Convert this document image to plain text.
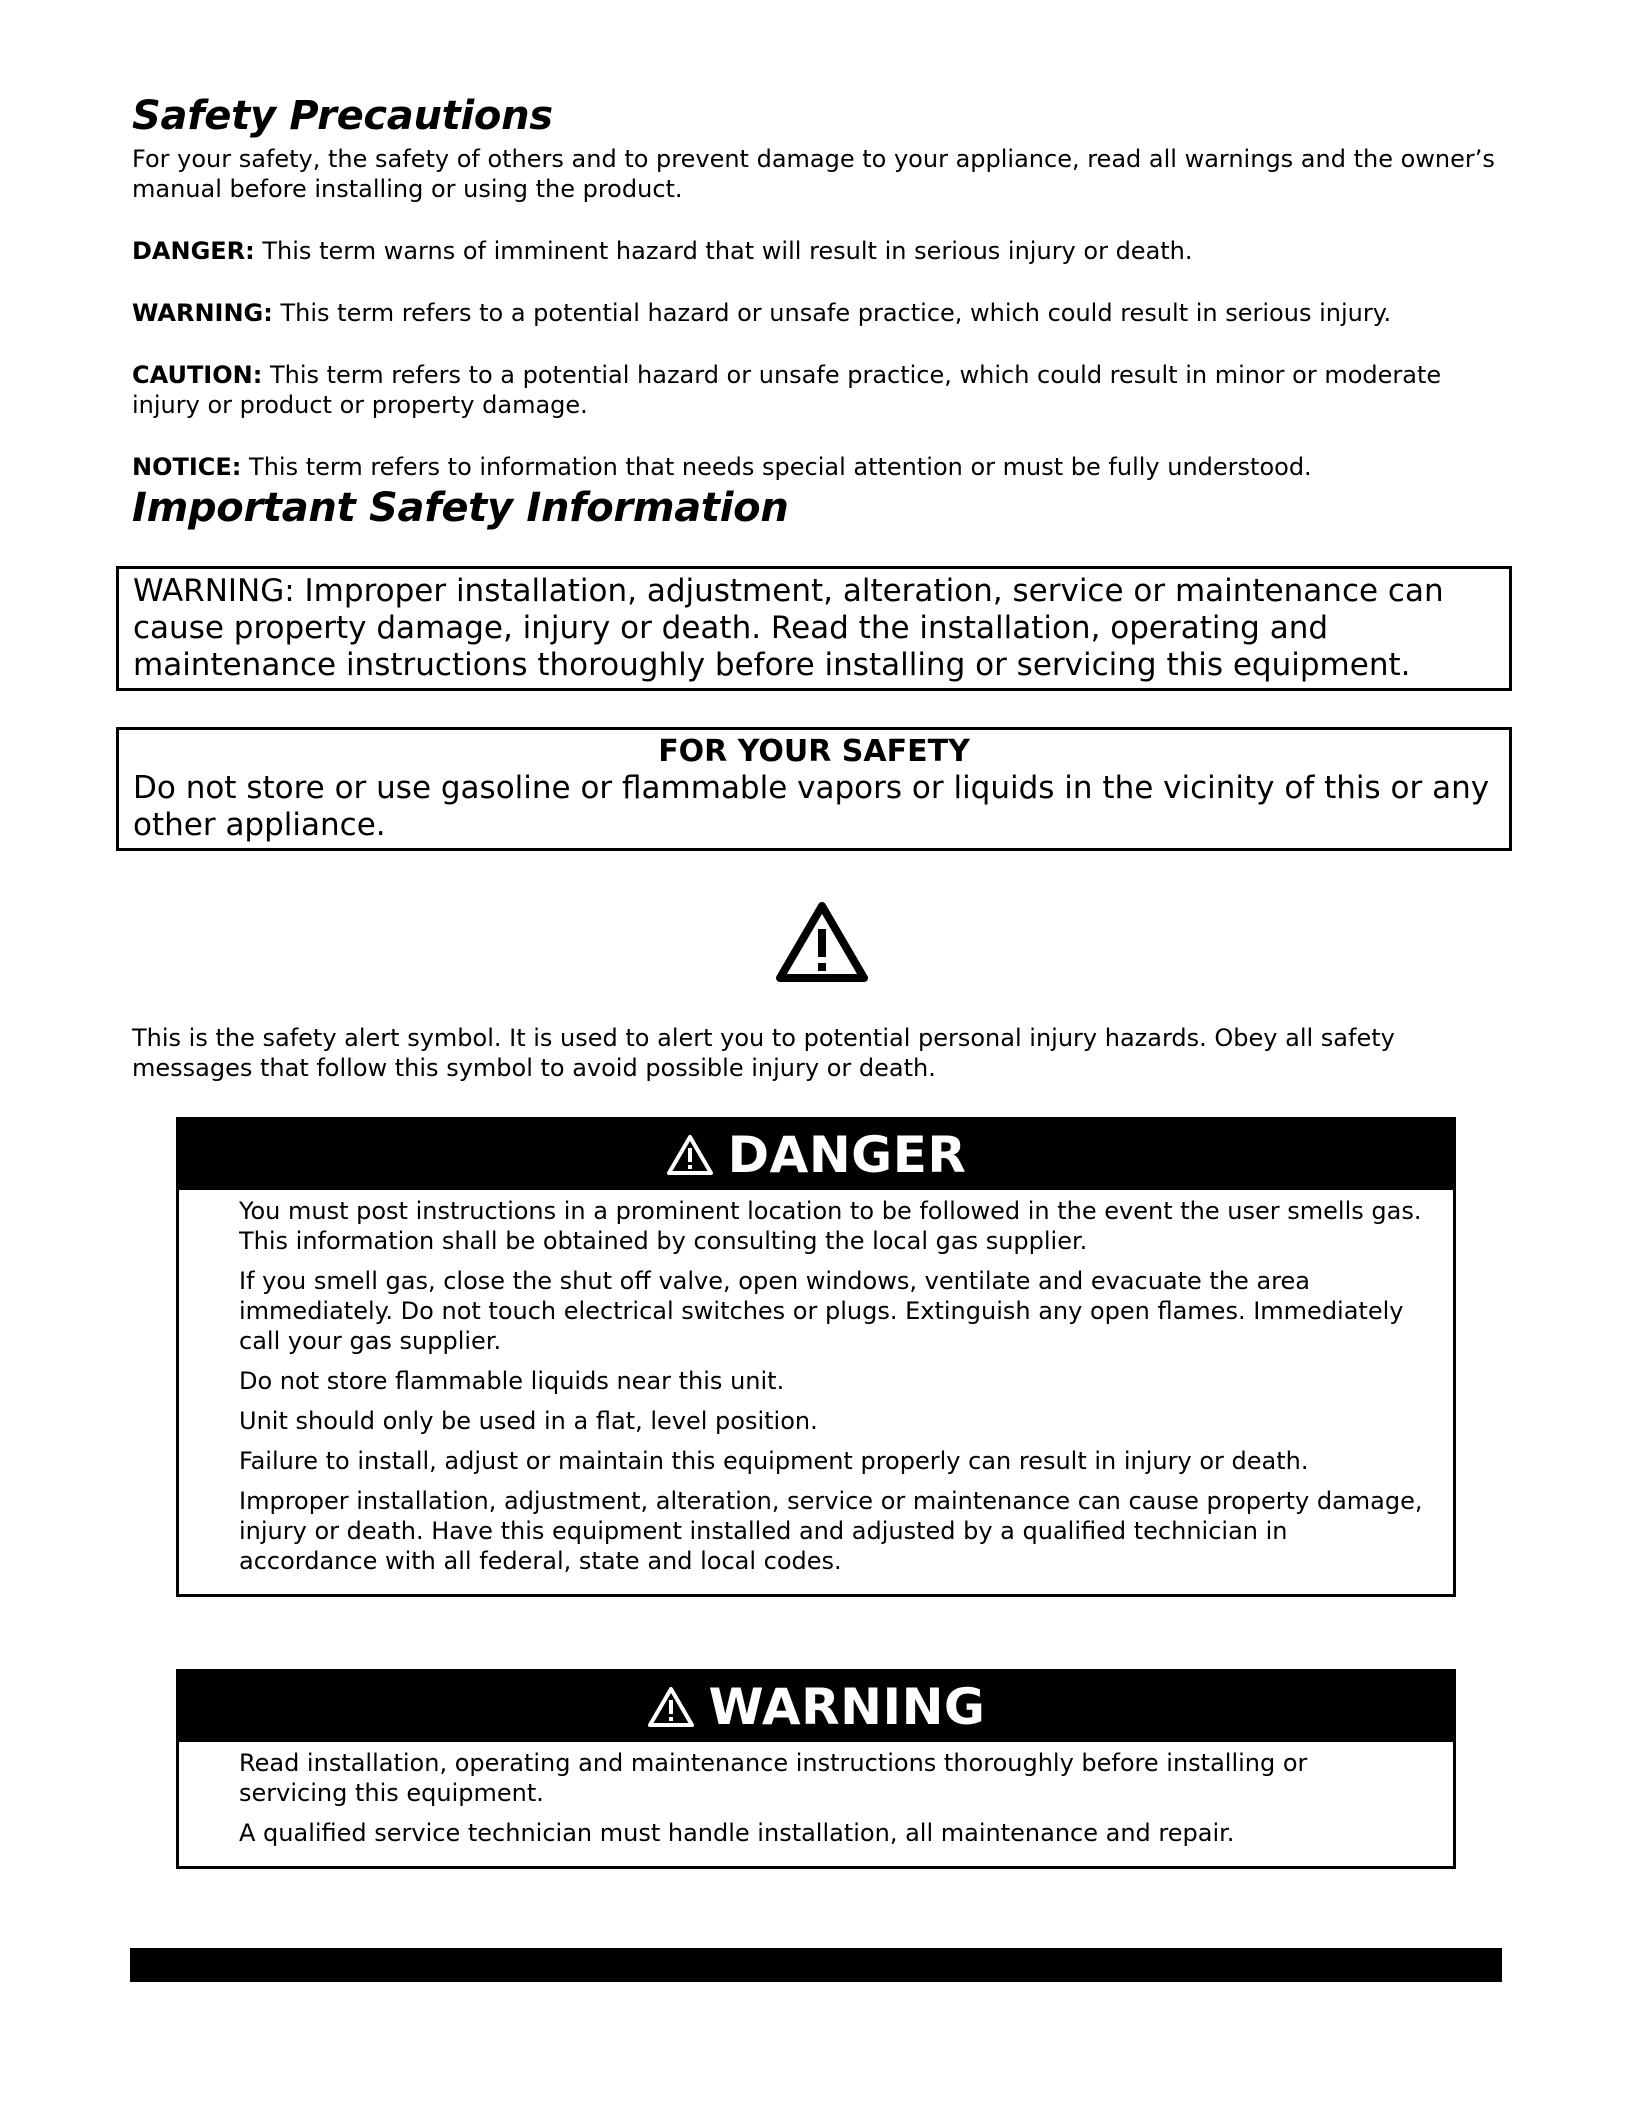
Safety Precautions

For your safety, the safety of others and to prevent damage to your appliance, read all warnings and the owner’s manual before installing or using the product.

DANGER: This term warns of imminent hazard that will result in serious injury or death.

WARNING: This term refers to a potential hazard or unsafe practice, which could result in serious injury.

CAUTION: This term refers to a potential hazard or unsafe practice, which could result in minor or moderate injury or product or property damage.

NOTICE: This term refers to information that needs special attention or must be fully understood.

Important Safety Information
WARNING: Improper installation, adjustment, alteration, service or maintenance can cause property damage, injury or death. Read the installation, operating and maintenance instructions thoroughly before installing or servicing this equipment.
FOR YOUR SAFETY
Do not store or use gasoline or flammable vapors or liquids in the vicinity of this or any other appliance.

This is the safety alert symbol. It is used to alert you to potential personal injury hazards. Obey all safety messages that follow this symbol to avoid possible injury or death.

DANGER

You must post instructions in a prominent location to be followed in the event the user smells gas. This information shall be obtained by consulting the local gas supplier.

If you smell gas, close the shut off valve, open windows, ventilate and evacuate the area immediately. Do not touch electrical switches or plugs. Extinguish any open flames. Immediately call your gas supplier.

Do not store flammable liquids near this unit.

Unit should only be used in a flat, level position.

Failure to install, adjust or maintain this equipment properly can result in injury or death.

Improper installation, adjustment, alteration, service or maintenance can cause property damage, injury or death. Have this equipment installed and adjusted by a qualified technician in accordance with all federal, state and local codes.

WARNING

Read installation, operating and maintenance instructions thoroughly before installing or servicing this equipment.

A qualified service technician must handle installation, all maintenance and repair.
